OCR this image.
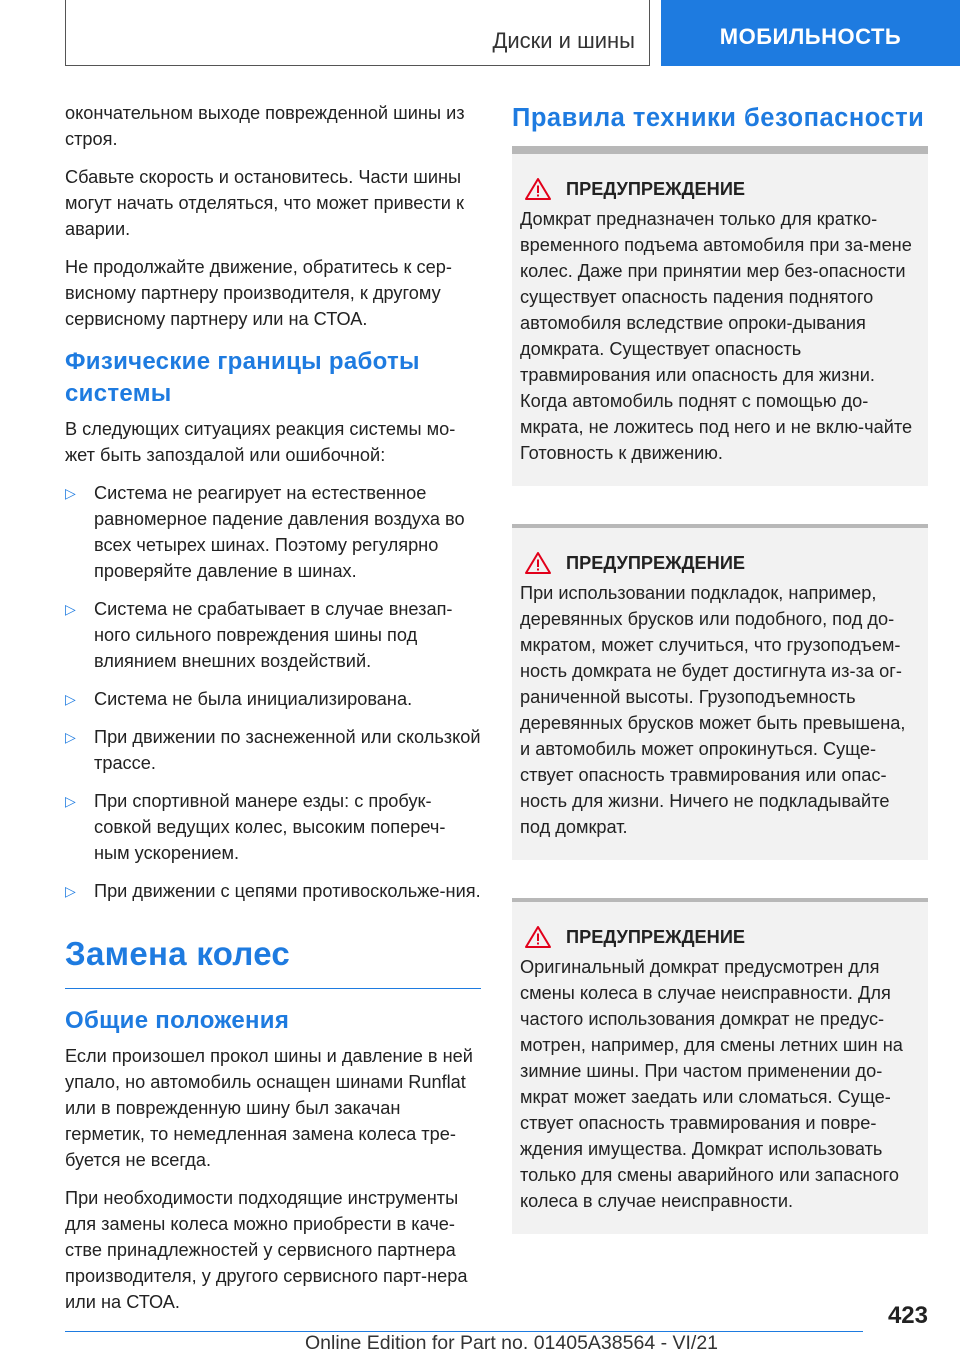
Диски и шины	МОБИЛЬНОСТЬ

окончательном выходе поврежденной шины из строя.

Сбавьте скорость и остановитесь. Части шины могут начать отделяться, что может привести к аварии.

Не продолжайте движение, обратитесь к сер-висному партнеру производителя, к другому сервисному партнеру или на СТОА.

Физические границы работы системы

В следующих ситуациях реакция системы мо-жет быть запоздалой или ошибочной:

▷ Система не реагирует на естественное равномерное падение давления воздуха во всех четырех шинах. Поэтому регулярно проверяйте давление в шинах.
▷ Система не срабатывает в случае внезап-ного сильного повреждения шины под влиянием внешних воздействий.
▷ Система не была инициализирована.
▷ При движении по заснеженной или скользкой трассе.
▷ При спортивной манере езды: с пробук-совкой ведущих колес, высоким попереч-ным ускорением.
▷ При движении с цепями противоскольже-ния.
Замена колес
Общие положения

Если произошел прокол шины и давление в ней упало, но автомобиль оснащен шинами Runflat или в поврежденную шину был закачан герметик, то немедленная замена колеса тре-буется не всегда.

При необходимости подходящие инструменты для замены колеса можно приобрести в каче-стве принадлежностей у сервисного партнера производителя, у другого сервисного парт-нера или на СТОА.

Правила техники безопасности
ПРЕДУПРЕЖДЕНИЕ
Домкрат предназначен только для кратко-временного подъема автомобиля при за-мене колес. Даже при принятии мер без-опасности существует опасность падения поднятого автомобиля вследствие опроки-дывания домкрата. Существует опасность травмирования или опасность для жизни. Когда автомобиль поднят с помощью до-мкрата, не ложитесь под него и не вклю-чайте Готовность к движению.
ПРЕДУПРЕЖДЕНИЕ
При использовании подкладок, например, деревянных брусков или подобного, под до-мкратом, может случиться, что грузоподъем-ность домкрата не будет достигнута из-за ог-раниченной высоты. Грузоподъемность деревянных брусков может быть превышена, и автомобиль может опрокинуться. Суще-ствует опасность травмирования или опас-ность для жизни. Ничего не подкладывайте под домкрат.
ПРЕДУПРЕЖДЕНИЕ
Оригинальный домкрат предусмотрен для смены колеса в случае неисправности. Для частого использования домкрат не предус-мотрен, например, для смены летних шин на зимние шины. При частом применении до-мкрат может заедать или сломаться. Суще-ствует опасность травмирования и повре-ждения имущества. Домкрат использовать только для смены аварийного или запасного колеса в случае неисправности.
423
Online Edition for Part no. 01405A38564 - VI/21
